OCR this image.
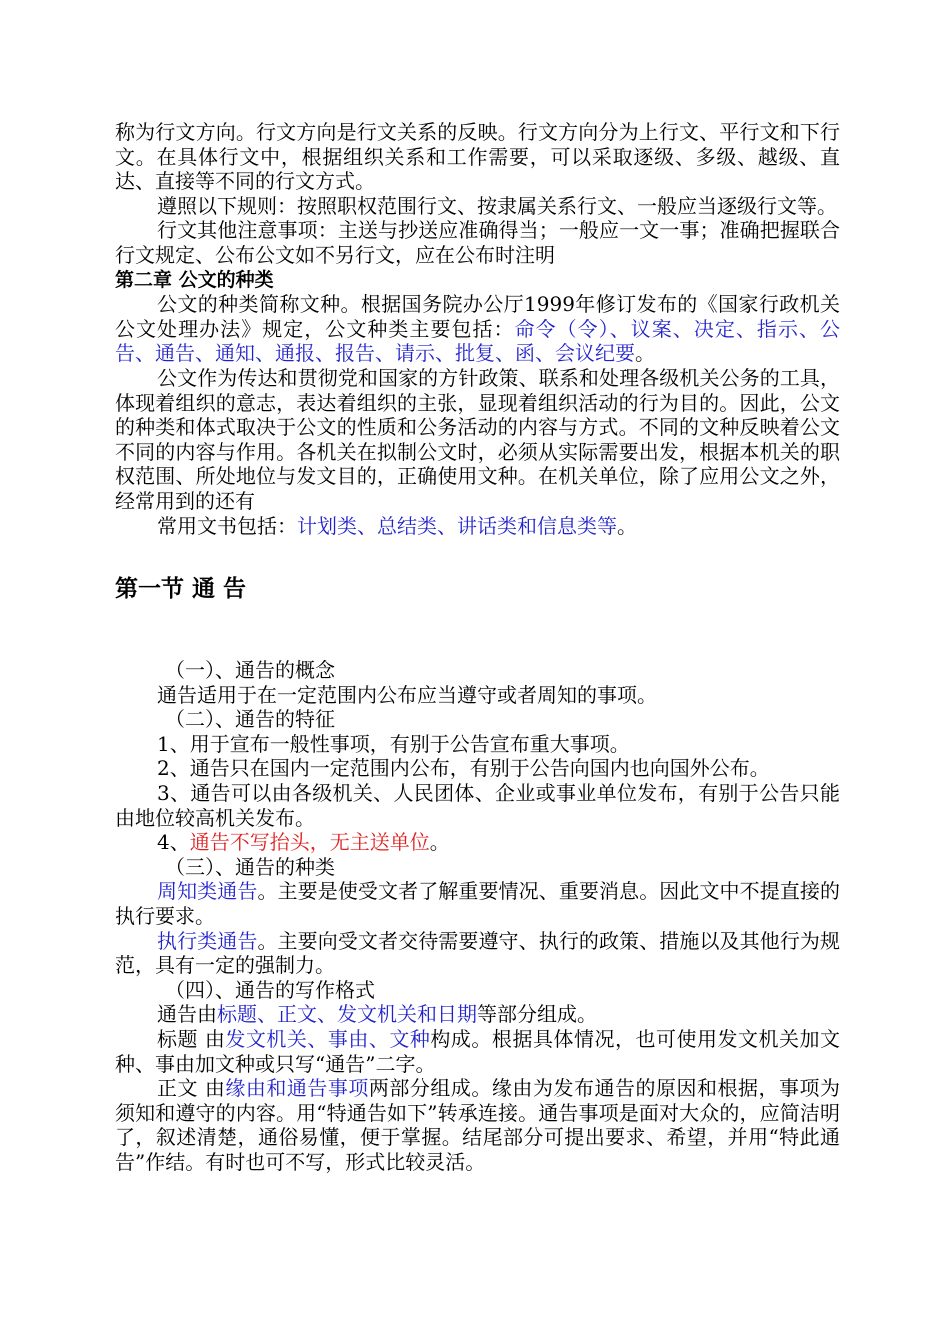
称为行文方向。行文方向是行文关系的反映。行文方向分为上行文、平行文和下行文。在具体行文中，根据组织关系和工作需要，可以采取逐级、多级、越级、直达、直接等不同的行文方式。

遵照以下规则：按照职权范围行文、按隶属关系行文、一般应当逐级行文等。

行文其他注意事项：主送与抄送应准确得当；一般应一文一事；准确把握联合行文规定、公布公文如不另行文，应在公布时注明

第二章 公文的种类

公文的种类简称文种。根据国务院办公厅1999年修订发布的《国家行政机关公文处理办法》规定，公文种类主要包括：命令（令）、议案、决定、指示、公告、通告、通知、通报、报告、请示、批复、函、会议纪要。

公文作为传达和贯彻党和国家的方针政策、联系和处理各级机关公务的工具，体现着组织的意志，表达着组织的主张，显现着组织活动的行为目的。因此，公文的种类和体式取决于公文的性质和公务活动的内容与方式。不同的文种反映着公文不同的内容与作用。各机关在拟制公文时，必须从实际需要出发，根据本机关的职权范围、所处地位与发文目的，正确使用文种。在机关单位，除了应用公文之外，经常用到的还有

常用文书包括：计划类、总结类、讲话类和信息类等。

第一节 通 告

（一）、通告的概念

通告适用于在一定范围内公布应当遵守或者周知的事项。

（二）、通告的特征

1、用于宣布一般性事项，有别于公告宣布重大事项。

2、通告只在国内一定范围内公布，有别于公告向国内也向国外公布。

3、通告可以由各级机关、人民团体、企业或事业单位发布，有别于公告只能由地位较高机关发布。

4、通告不写抬头，无主送单位。

（三）、通告的种类

周知类通告。主要是使受文者了解重要情况、重要消息。因此文中不提直接的执行要求。

执行类通告。主要向受文者交待需要遵守、执行的政策、措施以及其他行为规范，具有一定的强制力。

（四）、通告的写作格式

通告由标题、正文、发文机关和日期等部分组成。

标题 由发文机关、事由、文种构成。根据具体情况，也可使用发文机关加文种、事由加文种或只写“通告”二字。

正文 由缘由和通告事项两部分组成。缘由为发布通告的原因和根据，事项为须知和遵守的内容。用“特通告如下”转承连接。通告事项是面对大众的，应简洁明了，叙述清楚，通俗易懂，便于掌握。结尾部分可提出要求、希望，并用“特此通告”作结。有时也可不写，形式比较灵活。
